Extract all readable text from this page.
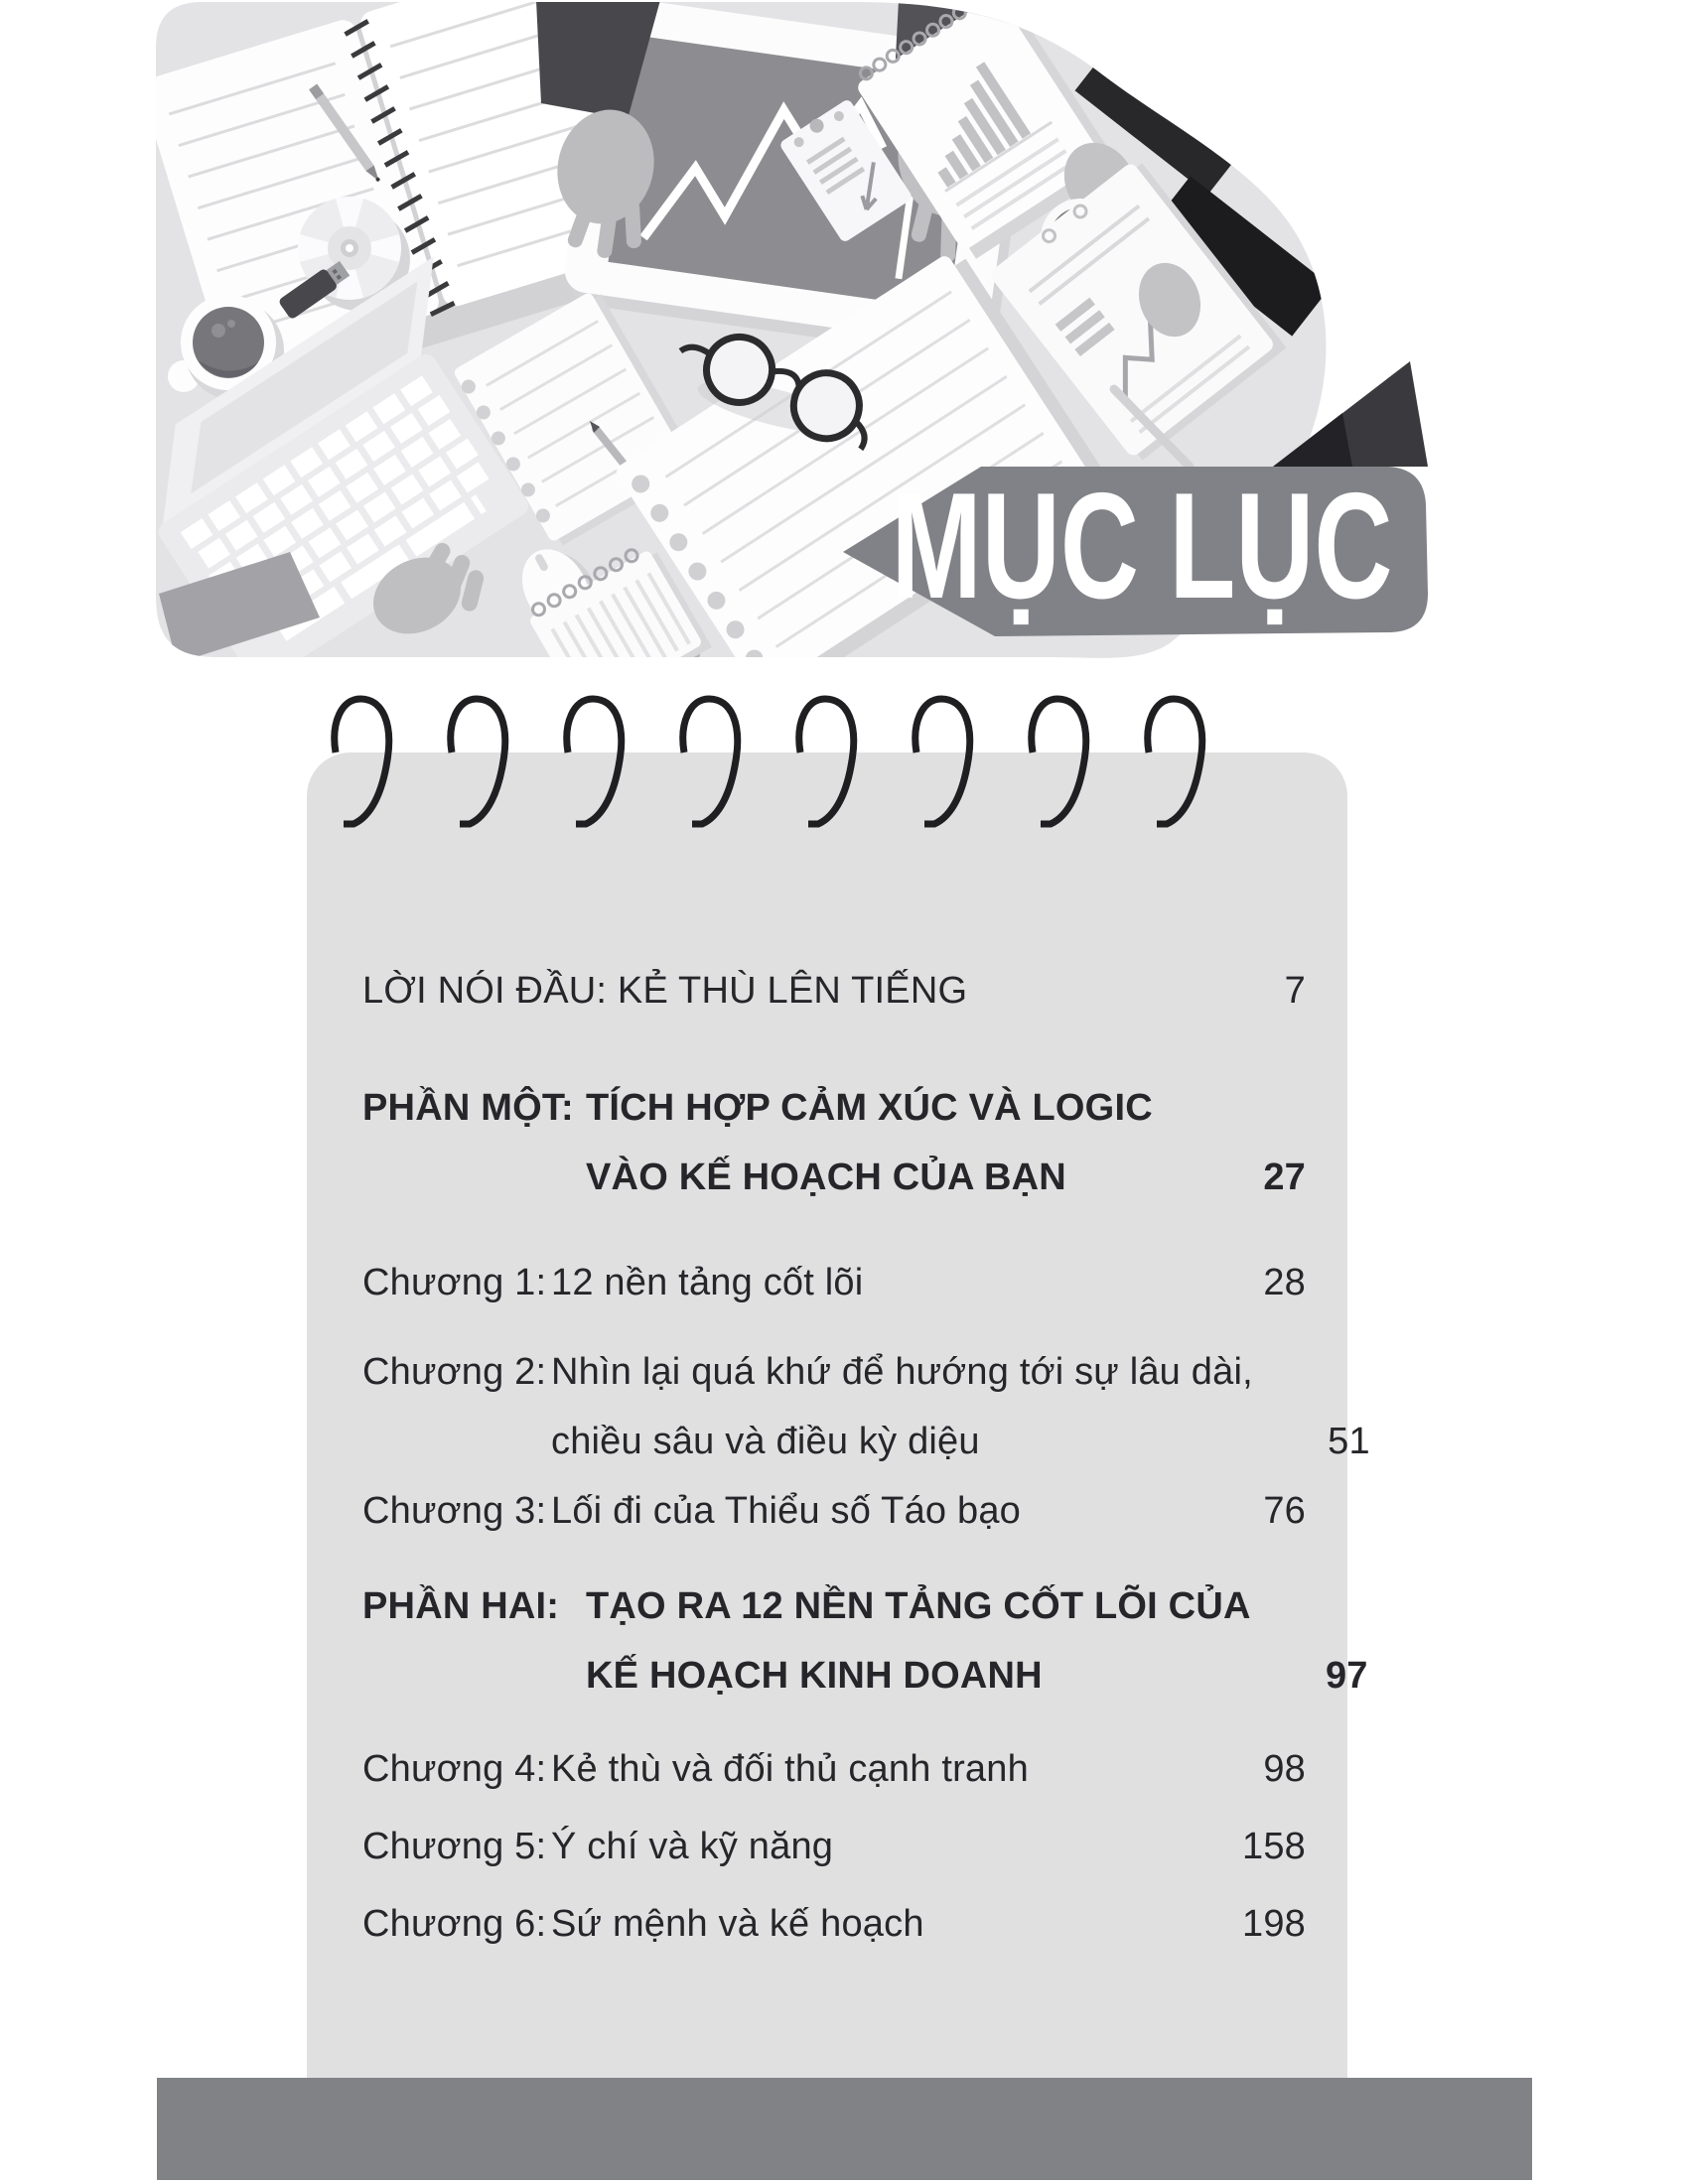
MỤC LỤC
LỜI NÓI ĐẦU: KẺ THÙ LÊN TIẾNG	7
PHẦN MỘT: TÍCH HỢP CẢM XÚC VÀ LOGIC
VÀO KẾ HOẠCH CỦA BẠN	27
Chương 1: 12 nền tảng cốt lõi	28
Chương 2: Nhìn lại quá khứ để hướng tới sự lâu dài,
chiều sâu và điều kỳ diệu	51
Chương 3: Lối đi của Thiểu số Táo bạo	76
PHẦN HAI: TẠO RA 12 NỀN TẢNG CỐT LÕI CỦA
KẾ HOẠCH KINH DOANH	97
Chương 4: Kẻ thù và đối thủ cạnh tranh	98
Chương 5: Ý chí và kỹ năng	158
Chương 6: Sứ mệnh và kế hoạch	198
